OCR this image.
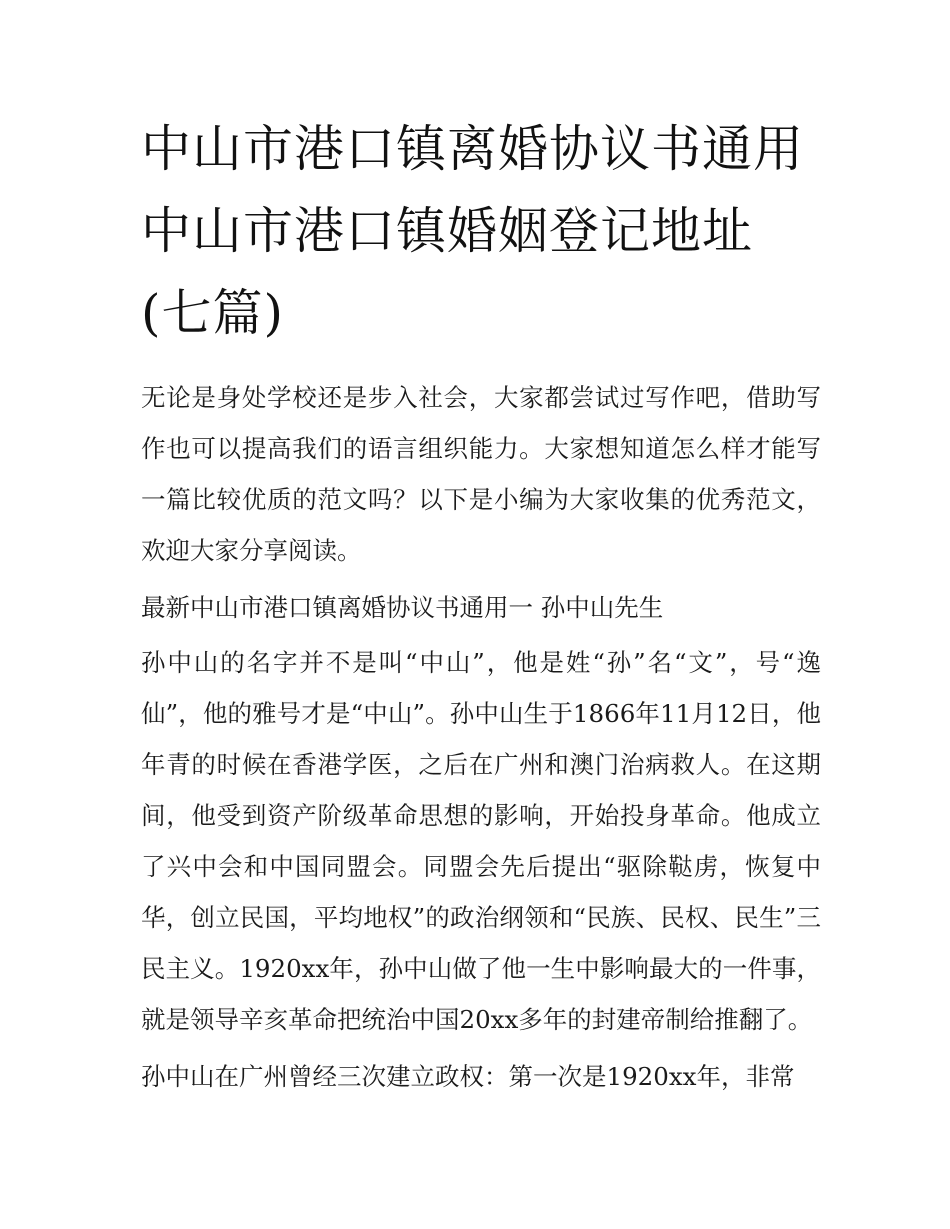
中山市港口镇离婚协议书通用中山市港口镇婚姻登记地址(七篇)

无论是身处学校还是步入社会，大家都尝试过写作吧，借助写作也可以提高我们的语言组织能力。大家想知道怎么样才能写一篇比较优质的范文吗？以下是小编为大家收集的优秀范文，欢迎大家分享阅读。

最新中山市港口镇离婚协议书通用一 孙中山先生

孙中山的名字并不是叫“中山”，他是姓“孙”名“文”，号“逸仙”，他的雅号才是“中山”。孙中山生于1866年11月12日，他年青的时候在香港学医，之后在广州和澳门治病救人。在这期间，他受到资产阶级革命思想的影响，开始投身革命。他成立了兴中会和中国同盟会。同盟会先后提出“驱除鞑虏，恢复中华，创立民国，平均地权”的政治纲领和“民族、民权、民生”三民主义。1920xx年，孙中山做了他一生中影响最大的一件事，就是领导辛亥革命把统治中国20xx多年的封建帝制给推翻了。

孙中山在广州曾经三次建立政权：第一次是1920xx年，非常
